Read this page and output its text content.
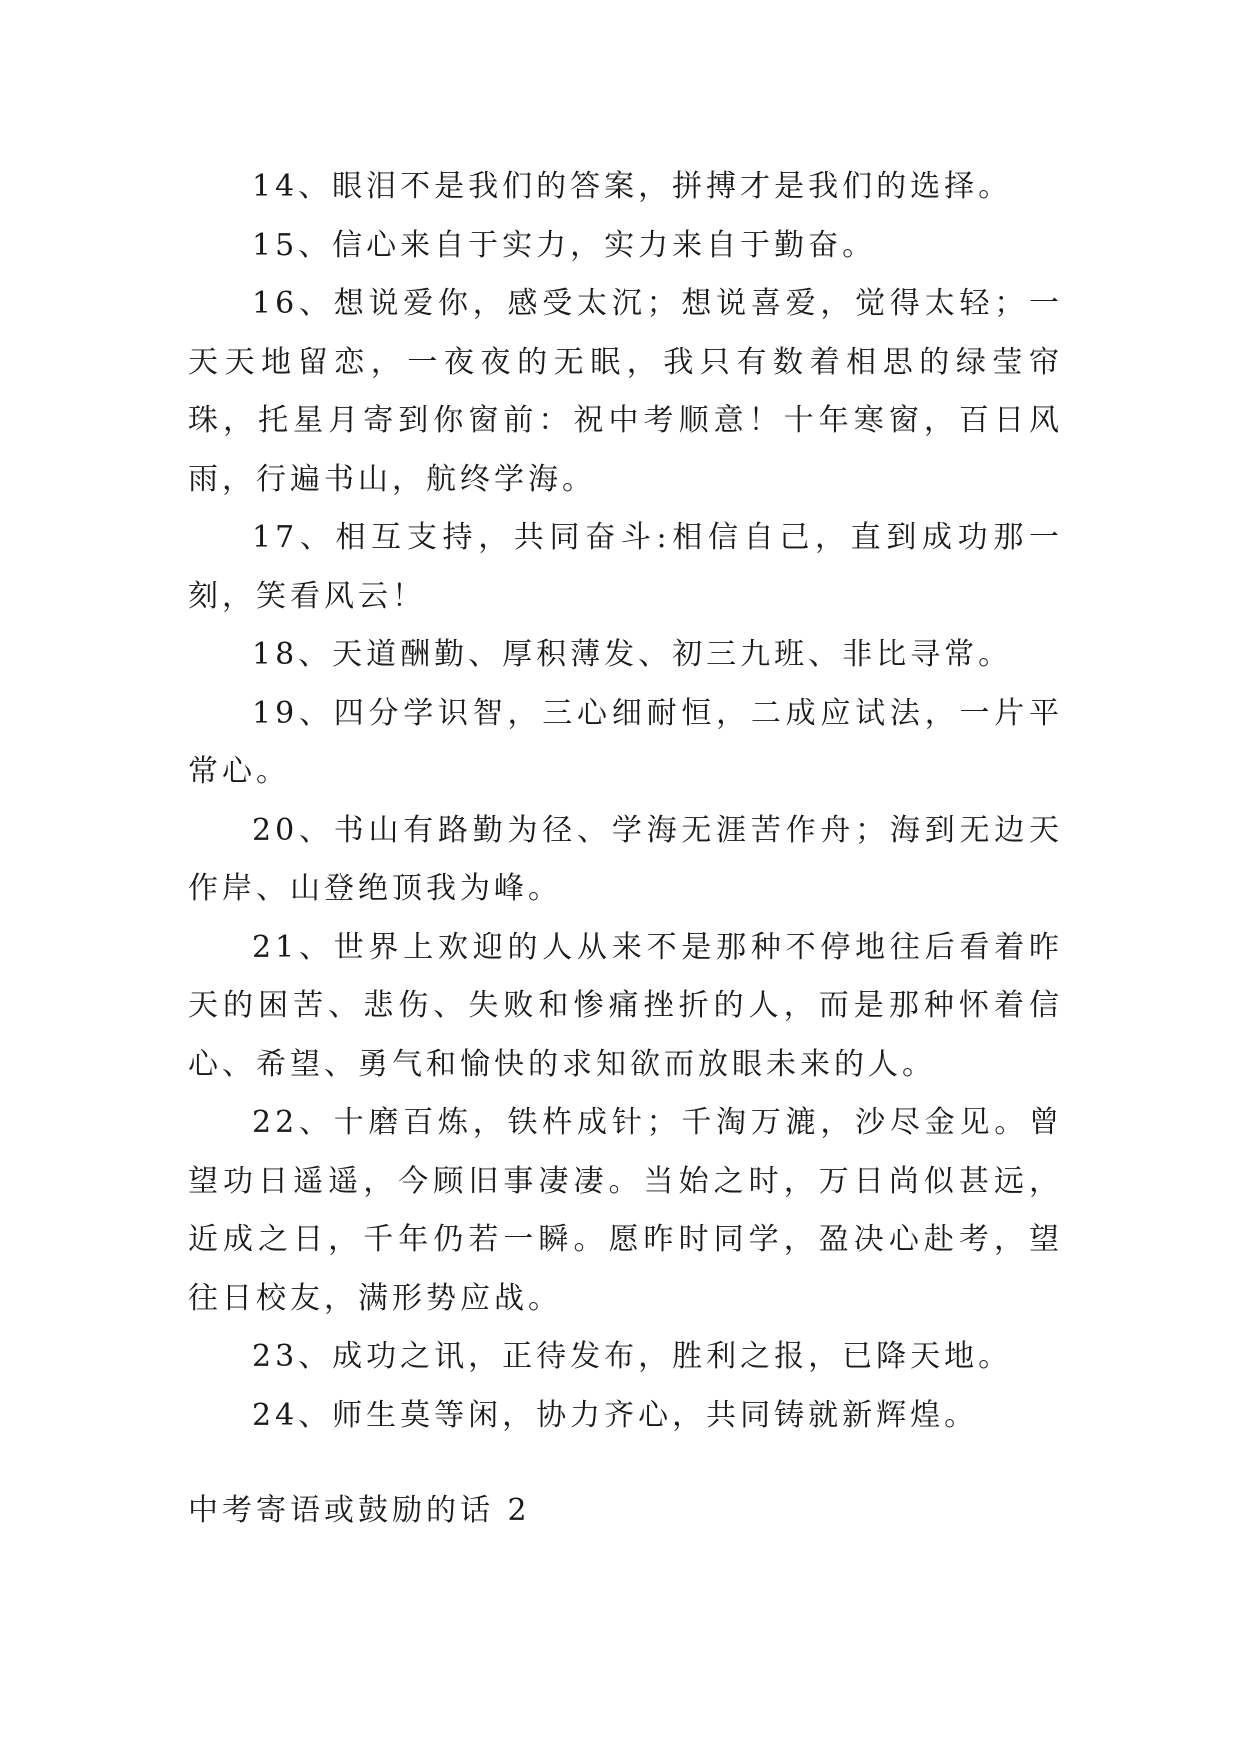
14、眼泪不是我们的答案，拼搏才是我们的选择。

15、信心来自于实力，实力来自于勤奋。

16、想说爱你，感受太沉；想说喜爱，觉得太轻；一天天地留恋，一夜夜的无眠，我只有数着相思的绿莹帘珠，托星月寄到你窗前：祝中考顺意！十年寒窗，百日风雨，行遍书山，航终学海。

17、相互支持，共同奋斗:相信自己，直到成功那一刻，笑看风云！

18、天道酬勤、厚积薄发、初三九班、非比寻常。

19、四分学识智，三心细耐恒，二成应试法，一片平常心。

20、书山有路勤为径、学海无涯苦作舟；海到无边天作岸、山登绝顶我为峰。

21、世界上欢迎的人从来不是那种不停地往后看着昨天的困苦、悲伤、失败和惨痛挫折的人，而是那种怀着信心、希望、勇气和愉快的求知欲而放眼未来的人。

22、十磨百炼，铁杵成针；千淘万漉，沙尽金见。曾望功日遥遥，今顾旧事凄凄。当始之时，万日尚似甚远，近成之日，千年仍若一瞬。愿昨时同学，盈决心赴考，望往日校友，满形势应战。

23、成功之讯，正待发布，胜利之报，已降天地。

24、师生莫等闲，协力齐心，共同铸就新辉煌。

中考寄语或鼓励的话 2
